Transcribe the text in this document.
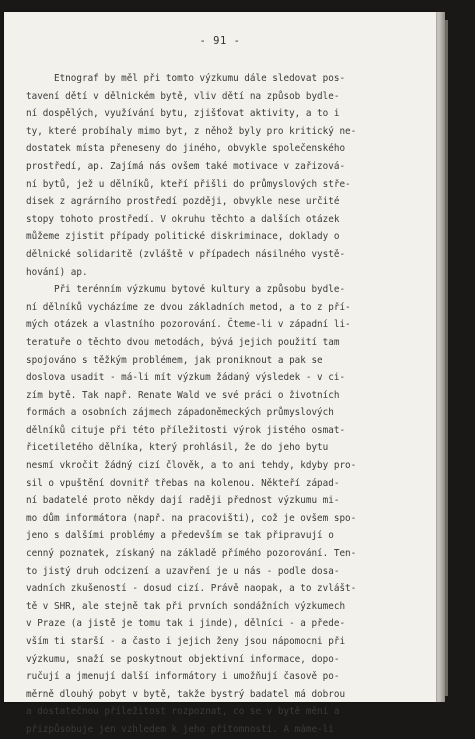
- 91 -
Etnograf by měl při tomto výzkumu dále sledovat pos-
tavení dětí v dělnickém bytě, vliv dětí na způsob bydle-
ní dospělých, využívání bytu, zjišťovat aktivity, a to i
ty, které probíhaly mimo byt, z něhož byly pro kritický ne-
dostatek místa přeneseny do jiného, obvykle společenského
prostředí, ap. Zajímá nás ovšem také motivace v zařizová-
ní bytů, jež u dělníků, kteří přišli do průmyslových stře-
disek z agrárního prostředí později, obvykle nese určité
stopy tohoto prostředí. V okruhu těchto a dalších otázek
můžeme zjistit případy politické diskriminace, doklady o
dělnické solidaritě (zvláště v případech násilného vystě-
hování) ap.
Při terénním výzkumu bytové kultury a způsobu bydle-
ní dělníků vycházíme ze dvou základních metod, a to z pří-
mých otázek a vlastního pozorování. Čteme-li v západní li-
teratuře o těchto dvou metodách, bývá jejich použití tam
spojováno s těžkým problémem, jak proniknout a pak se
doslova usadit - má-li mít výzkum žádaný výsledek - v ci-
zím bytě. Tak např. Renate Wald ve své práci o životních
formách a osobních zájmech západoněmeckých průmyslových
dělníků cituje při této příležitosti výrok jistého osmat-
řicetiletého dělníka, který prohlásil, že do jeho bytu
nesmí vkročit žádný cizí člověk, a to ani tehdy, kdyby pro-
sil o vpuštění dovnitř třebas na kolenou. Někteří západ-
ní badatelé proto někdy dají raději přednost výzkumu mi-
mo dům informátora (např. na pracovišti), což je ovšem spo-
jeno s dalšími problémy a především se tak připravují o
cenný poznatek, získaný na základě přímého pozorování. Ten-
to jistý druh odcizení a uzavření je u nás - podle dosa-
vadních zkušeností - dosud cizí. Právě naopak, a to zvlášt-
tě v SHR, ale stejně tak při prvních sondážních výzkumech
v Praze (a jistě je tomu tak i jinde), dělníci - a přede-
vším ti starší - a často i jejich ženy jsou nápomocni při
výzkumu, snaží se poskytnout objektivní informace, dopo-
ručují a jmenují další informátory i umožňují časově po-
měrně dlouhý pobyt v bytě, takže bystrý badatel má dobrou
a dostatečnou příležitost rozpoznat, co se v bytě mění a
přizpůsobuje jen vzhledem k jeho přítomnosti. A máme-li
